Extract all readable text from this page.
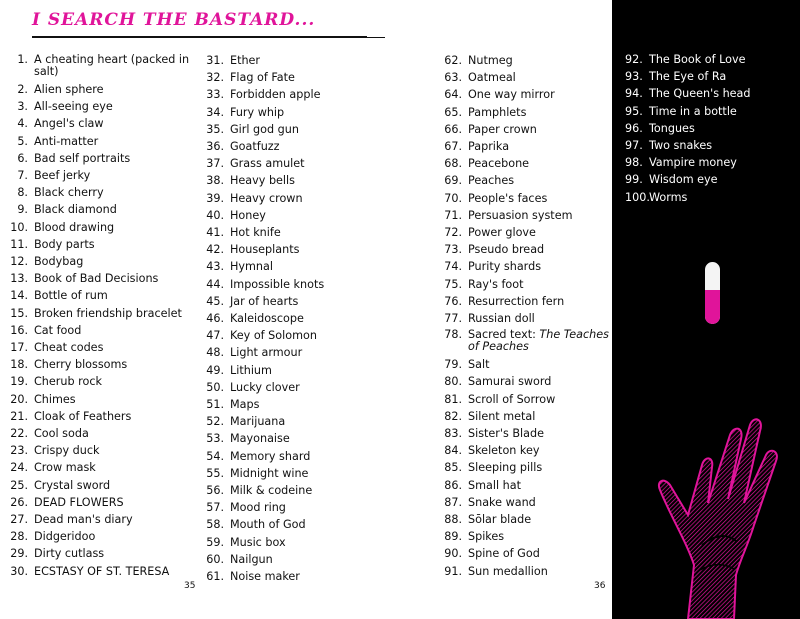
I SEARCH THE BASTARD...
1. A cheating heart (packed in salt)
2. Alien sphere
3. All-seeing eye
4. Angel's claw
5. Anti-matter
6. Bad self portraits
7. Beef jerky
8. Black cherry
9. Black diamond
10. Blood drawing
11. Body parts
12. Bodybag
13. Book of Bad Decisions
14. Bottle of rum
15. Broken friendship bracelet
16. Cat food
17. Cheat codes
18. Cherry blossoms
19. Cherub rock
20. Chimes
21. Cloak of Feathers
22. Cool soda
23. Crispy duck
24. Crow mask
25. Crystal sword
26. DEAD FLOWERS
27. Dead man's diary
28. Didgeridoo
29. Dirty cutlass
30. ECSTASY OF ST. TERESA
31. Ether
32. Flag of Fate
33. Forbidden apple
34. Fury whip
35. Girl god gun
36. Goatfuzz
37. Grass amulet
38. Heavy bells
39. Heavy crown
40. Honey
41. Hot knife
42. Houseplants
43. Hymnal
44. Impossible knots
45. Jar of hearts
46. Kaleidoscope
47. Key of Solomon
48. Light armour
49. Lithium
50. Lucky clover
51. Maps
52. Marijuana
53. Mayonaise
54. Memory shard
55. Midnight wine
56. Milk & codeine
57. Mood ring
58. Mouth of God
59. Music box
60. Nailgun
61. Noise maker
62. Nutmeg
63. Oatmeal
64. One way mirror
65. Pamphlets
66. Paper crown
67. Paprika
68. Peacebone
69. Peaches
70. People's faces
71. Persuasion system
72. Power glove
73. Pseudo bread
74. Purity shards
75. Ray's foot
76. Resurrection fern
77. Russian doll
78. Sacred text: The Teaches of Peaches
79. Salt
80. Samurai sword
81. Scroll of Sorrow
82. Silent metal
83. Sister's Blade
84. Skeleton key
85. Sleeping pills
86. Small hat
87. Snake wand
88. Sōlar blade
89. Spikes
90. Spine of God
91. Sun medallion
92. The Book of Love
93. The Eye of Ra
94. The Queen's head
95. Time in a bottle
96. Tongues
97. Two snakes
98. Vampire money
99. Wisdom eye
100. Worms
35	36
